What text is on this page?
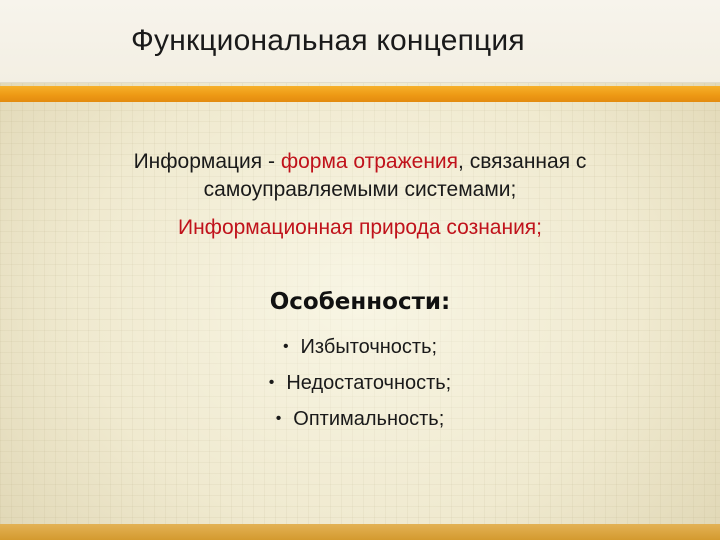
Функциональная концепция

Информация - форма отражения, связанная с
самоуправляемыми системами;

Информационная природа сознания;

Особенности:
• Избыточность;
• Недостаточность;
• Оптимальность;
